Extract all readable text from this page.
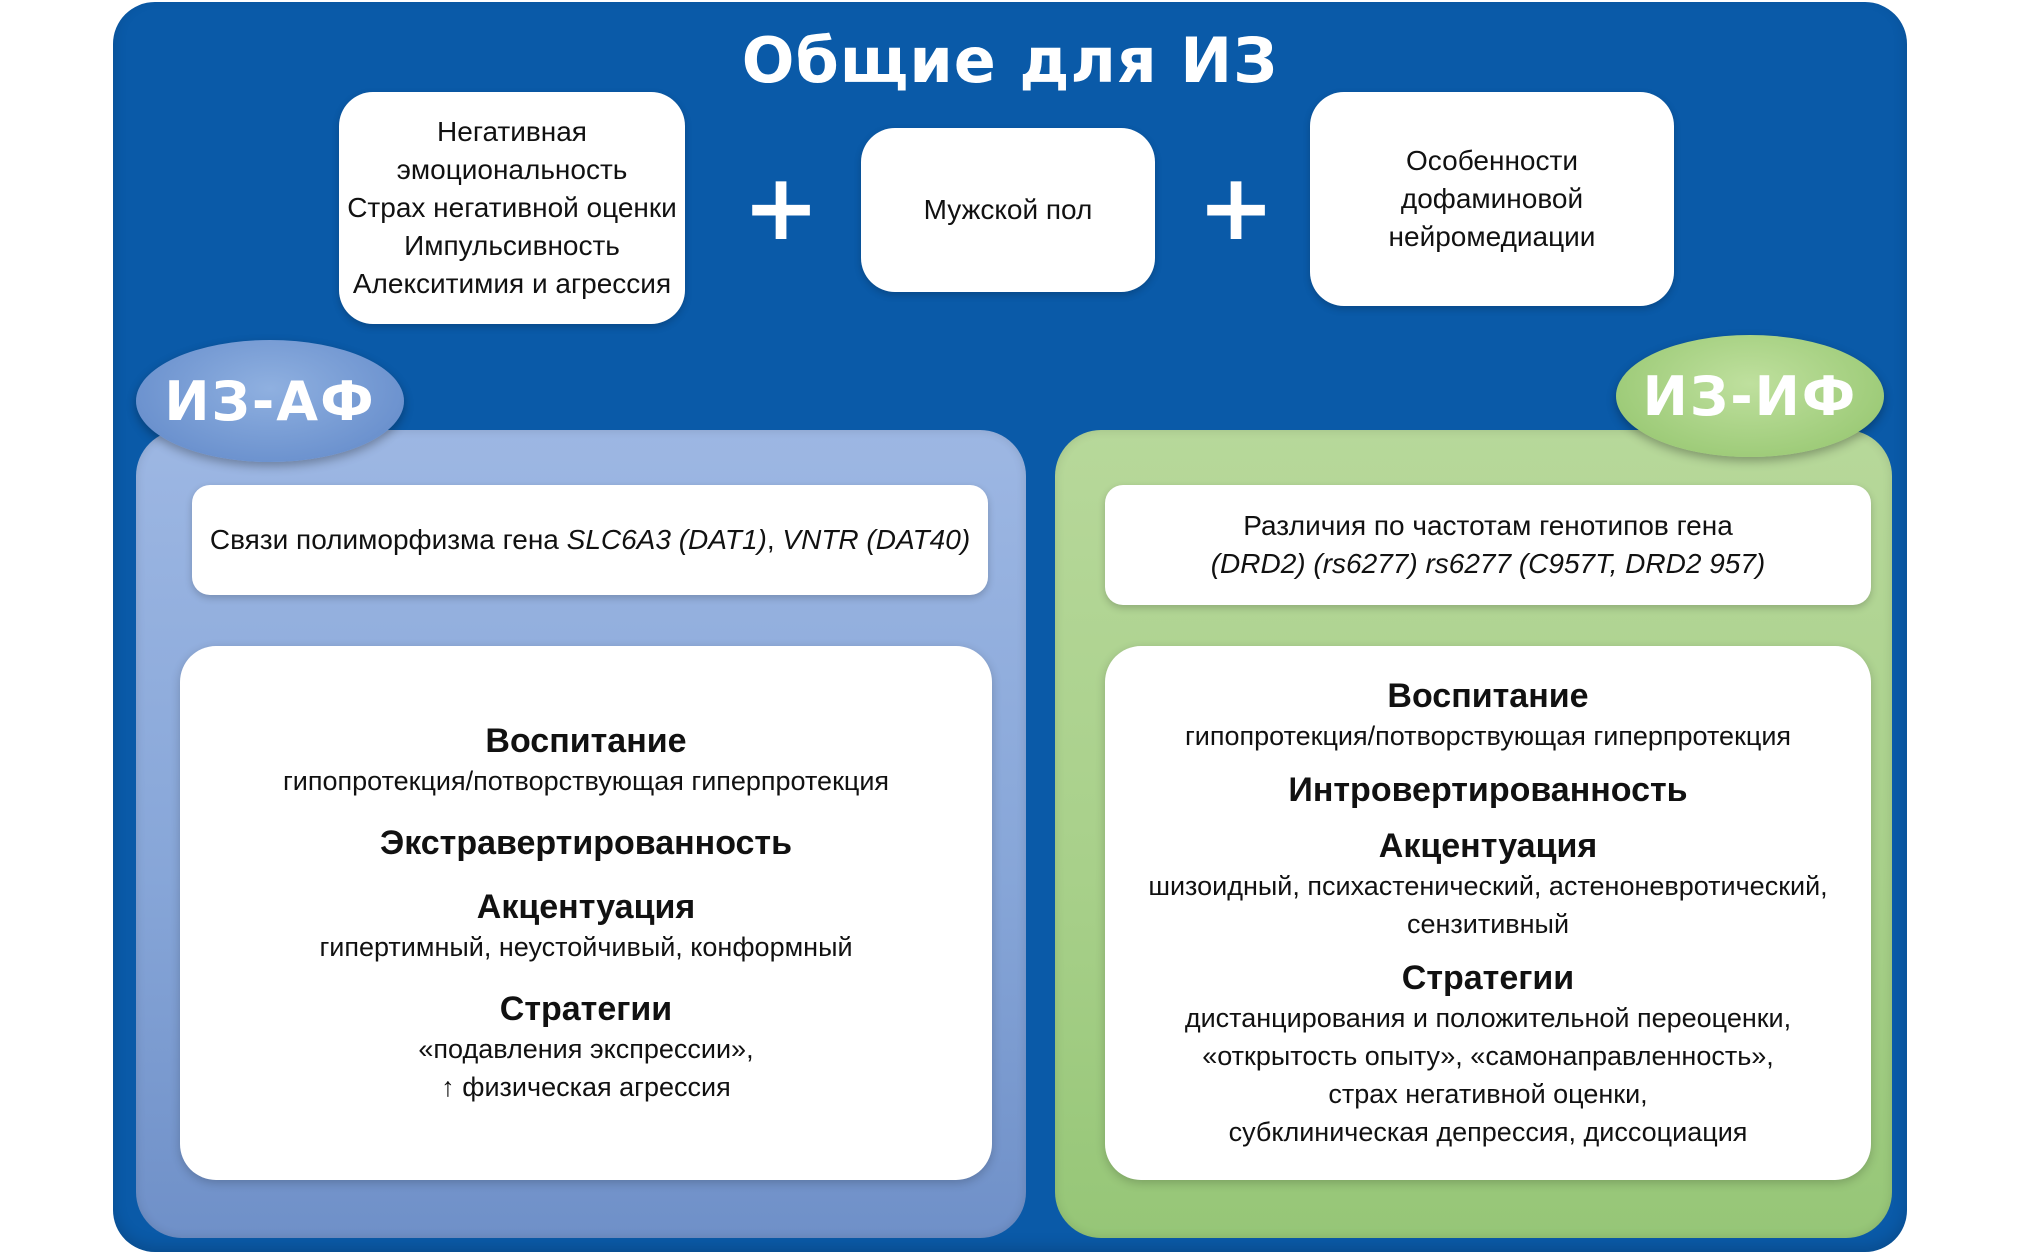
Общие для ИЗ
Негативная
эмоциональность
Страх негативной оценки
Импульсивность
Алекситимия и агрессия
+	Мужской пол	+	Особенности
дофаминовой
нейромедиации
ИЗ-АФ
Связи полиморфизма гена SLC6A3 (DAT1), VNTR (DAT40)
Воспитание
гипопротекция/потворствующая гиперпротекция
Экстравертированность
Акцентуация
гипертимный, неустойчивый, конформный
Стратегии
«подавления экспрессии»,
↑ физическая агрессия
ИЗ-ИФ
Различия по частотам генотипов гена
(DRD2) (rs6277) rs6277 (C957T, DRD2 957)
Воспитание
гипопротекция/потворствующая гиперпротекция
Интровертированность
Акцентуация
шизоидный, психастенический, астеноневротический,
сензитивный
Стратегии
дистанцирования и положительной переоценки,
«открытость опыту», «самонаправленность»,
страх негативной оценки,
субклиническая депрессия, диссоциация
